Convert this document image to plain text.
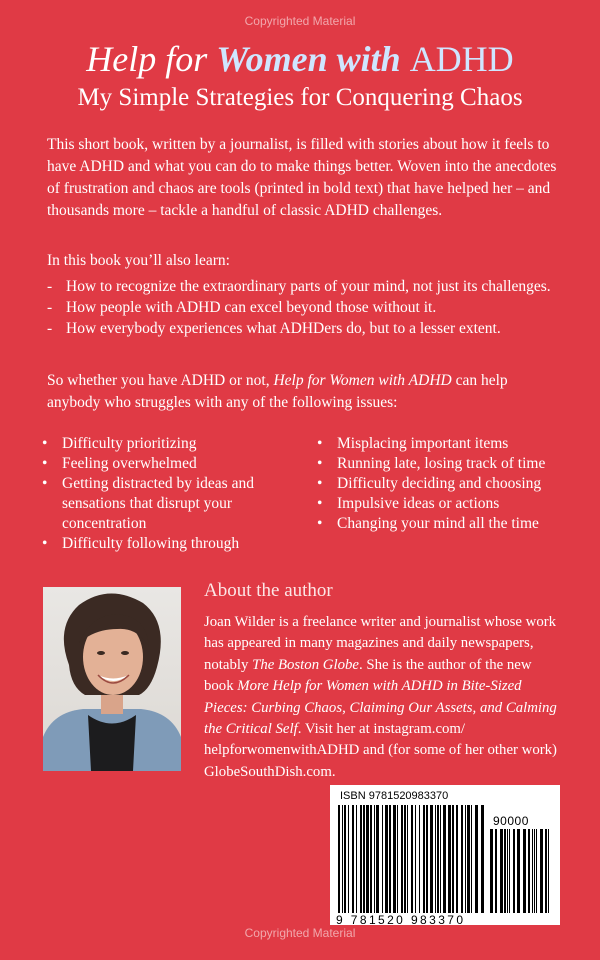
Copyrighted Material
Help for Women with ADHD
My Simple Strategies for Conquering Chaos

This short book, written by a journalist, is filled with stories about how it feels to have ADHD and what you can do to make things better. Woven into the anecdotes of frustration and chaos are tools (printed in bold text) that have helped her – and thousands more – tackle a handful of classic ADHD challenges.

In this book you’ll also learn:

- How to recognize the extraordinary parts of your mind, not just its challenges.
- How people with ADHD can excel beyond those without it.
- How everybody experiences what ADHDers do, but to a lesser extent.

So whether you have ADHD or not, Help for Women with ADHD can help anybody who struggles with any of the following issues:

• Difficulty prioritizing
• Feeling overwhelmed
• Getting distracted by ideas and sensations that disrupt your concentration
• Difficulty following through
• Misplacing important items
• Running late, losing track of time
• Difficulty deciding and choosing
• Impulsive ideas or actions
• Changing your mind all the time
About the author

Joan Wilder is a freelance writer and journalist whose work has appeared in many magazines and daily newspapers, notably The Boston Globe. She is the author of the new book More Help for Women with ADHD in Bite-Sized Pieces: Curbing Chaos, Claiming Our Assets, and Calming the Critical Self. Visit her at instagram.com/ helpforwomenwithADHD and (for some of her other work) GlobeSouthDish.com.

ISBN 9781520983370
90000
9 781520 983370
Copyrighted Material
